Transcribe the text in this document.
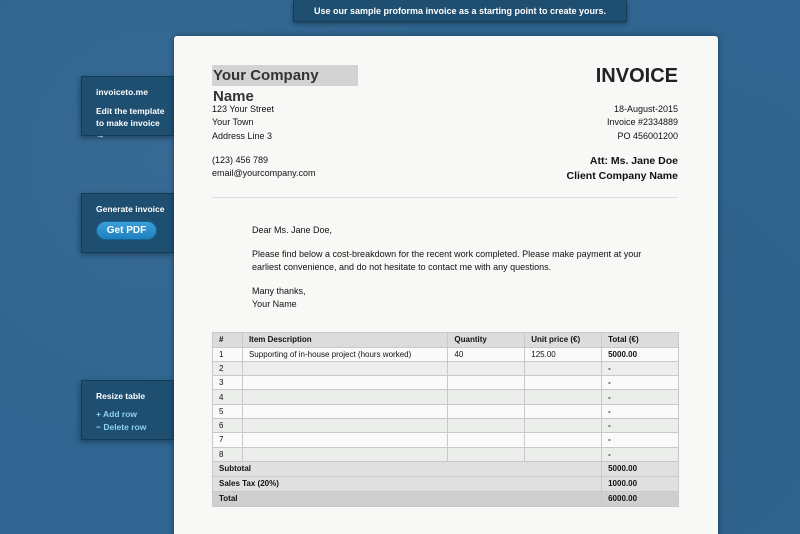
Use our sample proforma invoice as a starting point to create yours.
invoiceto.me
Edit the template
to make invoice →
Generate invoice
Get PDF
Resize table
+ Add row
− Delete row
Your Company Name
INVOICE
123 Your Street
Your Town
Address Line 3
(123) 456 789
email@yourcompany.com
18-August-2015
Invoice #2334889
PO 456001200
Att: Ms. Jane Doe
Client Company Name

Dear Ms. Jane Doe,

Please find below a cost-breakdown for the recent work completed. Please make payment at your
earliest convenience, and do not hesitate to contact me with any questions.

Many thanks,
Your Name

#	Item Description	Quantity	Unit price (€)	Total (€)
1	Supporting of in-house project (hours worked)	40	125.00	5000.00
2				-
3				-
4				-
5				-
6				-
7				-
8				-
Subtotal				5000.00
Sales Tax (20%)				1000.00
Total				6000.00
